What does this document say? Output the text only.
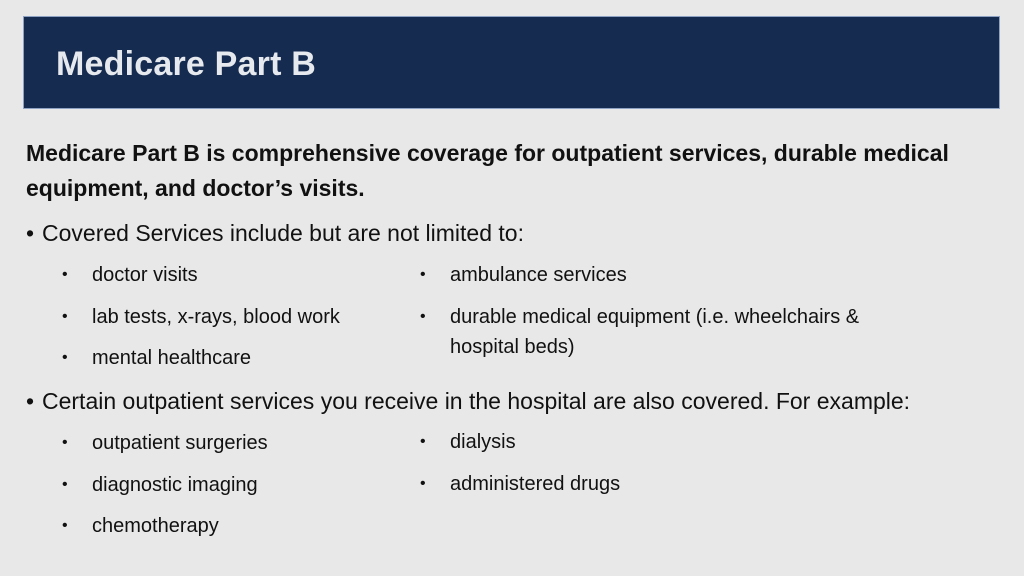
Medicare Part B
Medicare Part B is comprehensive coverage for outpatient services, durable medical equipment, and doctor’s visits.
• Covered Services include but are not limited to:
•	doctor visits
•	lab tests, x-rays, blood work
•	mental healthcare
•	ambulance services
•	durable medical equipment (i.e. wheelchairs & hospital beds)
• Certain outpatient services you receive in the hospital are also covered. For example:
•	outpatient surgeries
•	diagnostic imaging
•	chemotherapy
•	dialysis
•	administered drugs
